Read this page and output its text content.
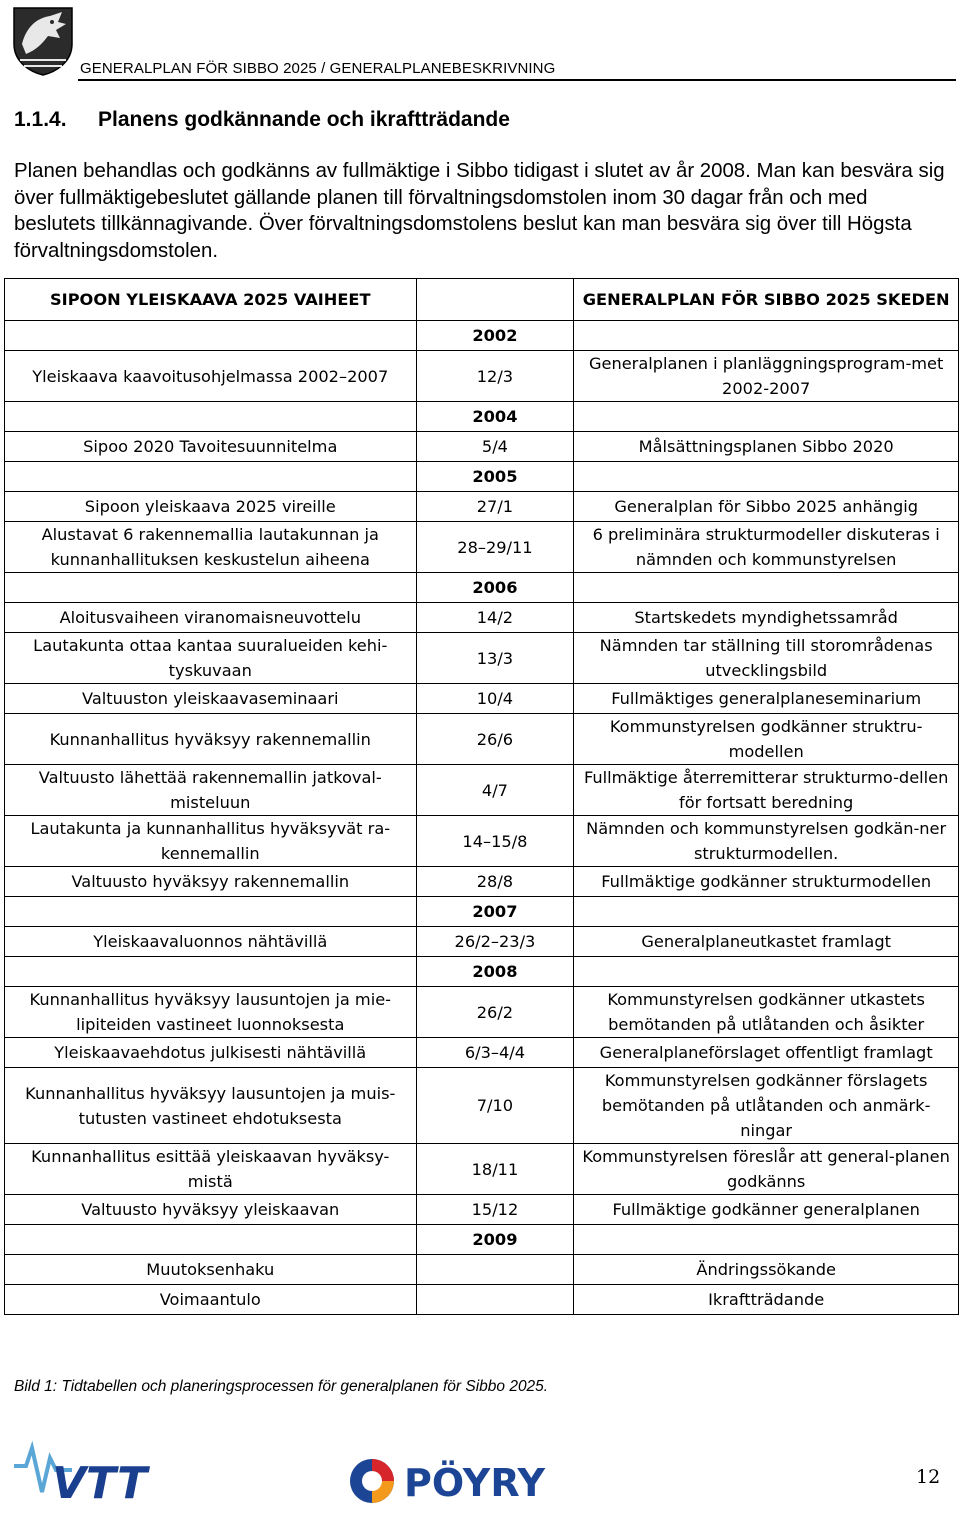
GENERALPLAN FÖR SIBBO 2025 / GENERALPLANEBESKRIVNING
1.1.4. Planens godkännande och ikraftträdande
Planen behandlas och godkänns av fullmäktige i Sibbo tidigast i slutet av år 2008. Man kan besvära sig över fullmäktigebeslutet gällande planen till förvaltningsdomstolen inom 30 dagar från och med beslutets tillkännagivande. Över förvaltningsdomstolens beslut kan man besvära sig över till Högsta förvaltningsdomstolen.
SIPOON YLEISKAAVA 2025 VAIHEET		GENERALPLAN FÖR SIBBO 2025 SKEDEN
	2002	
Yleiskaava kaavoitusohjelmassa 2002–2007	12/3	Generalplanen i planläggningsprogram-met 2002-2007
	2004	
Sipoo 2020 Tavoitesuunnitelma	5/4	Målsättningsplanen Sibbo 2020
	2005	
Sipoon yleiskaava 2025 vireille	27/1	Generalplan för Sibbo 2025 anhängig
Alustavat 6 rakennemallia lautakunnan ja kunnanhallituksen keskustelun aiheena	28–29/11	6 preliminära strukturmodeller diskuteras i nämnden och kommunstyrelsen
	2006	
Aloitusvaiheen viranomaisneuvottelu	14/2	Startskedets myndighetssamråd
Lautakunta ottaa kantaa suuralueiden kehi-tyskuvaan	13/3	Nämnden tar ställning till storområdenas utvecklingsbild
Valtuuston yleiskaavaseminaari	10/4	Fullmäktiges generalplaneseminarium
Kunnanhallitus hyväksyy rakennemallin	26/6	Kommunstyrelsen godkänner struktru-modellen
Valtuusto lähettää rakennemallin jatkoval-misteluun	4/7	Fullmäktige återremitterar strukturmo-dellen för fortsatt beredning
Lautakunta ja kunnanhallitus hyväksyvät ra-kennemallin	14–15/8	Nämnden och kommunstyrelsen godkän-ner strukturmodellen.
Valtuusto hyväksyy rakennemallin	28/8	Fullmäktige godkänner strukturmodellen
	2007	
Yleiskaavaluonnos nähtävillä	26/2–23/3	Generalplaneutkastet framlagt
	2008	
Kunnanhallitus hyväksyy lausuntojen ja mie-lipiteiden vastineet luonnoksesta	26/2	Kommunstyrelsen godkänner utkastets bemötanden på utlåtanden och åsikter
Yleiskaavaehdotus julkisesti nähtävillä	6/3–4/4	Generalplaneförslaget offentligt framlagt
Kunnanhallitus hyväksyy lausuntojen ja muis-tutusten vastineet ehdotuksesta	7/10	Kommunstyrelsen godkänner förslagets bemötanden på utlåtanden och anmärk-ningar
Kunnanhallitus esittää yleiskaavan hyväksy-mistä	18/11	Kommunstyrelsen föreslår att general-planen godkänns
Valtuusto hyväksyy yleiskaavan	15/12	Fullmäktige godkänner generalplanen
	2009	
Muutoksenhaku		Ändringssökande
Voimaantulo		Ikraftträdande
Bild 1: Tidtabellen och planeringsprocessen för generalplanen för Sibbo 2025.
VTT	PÖYRY	12
